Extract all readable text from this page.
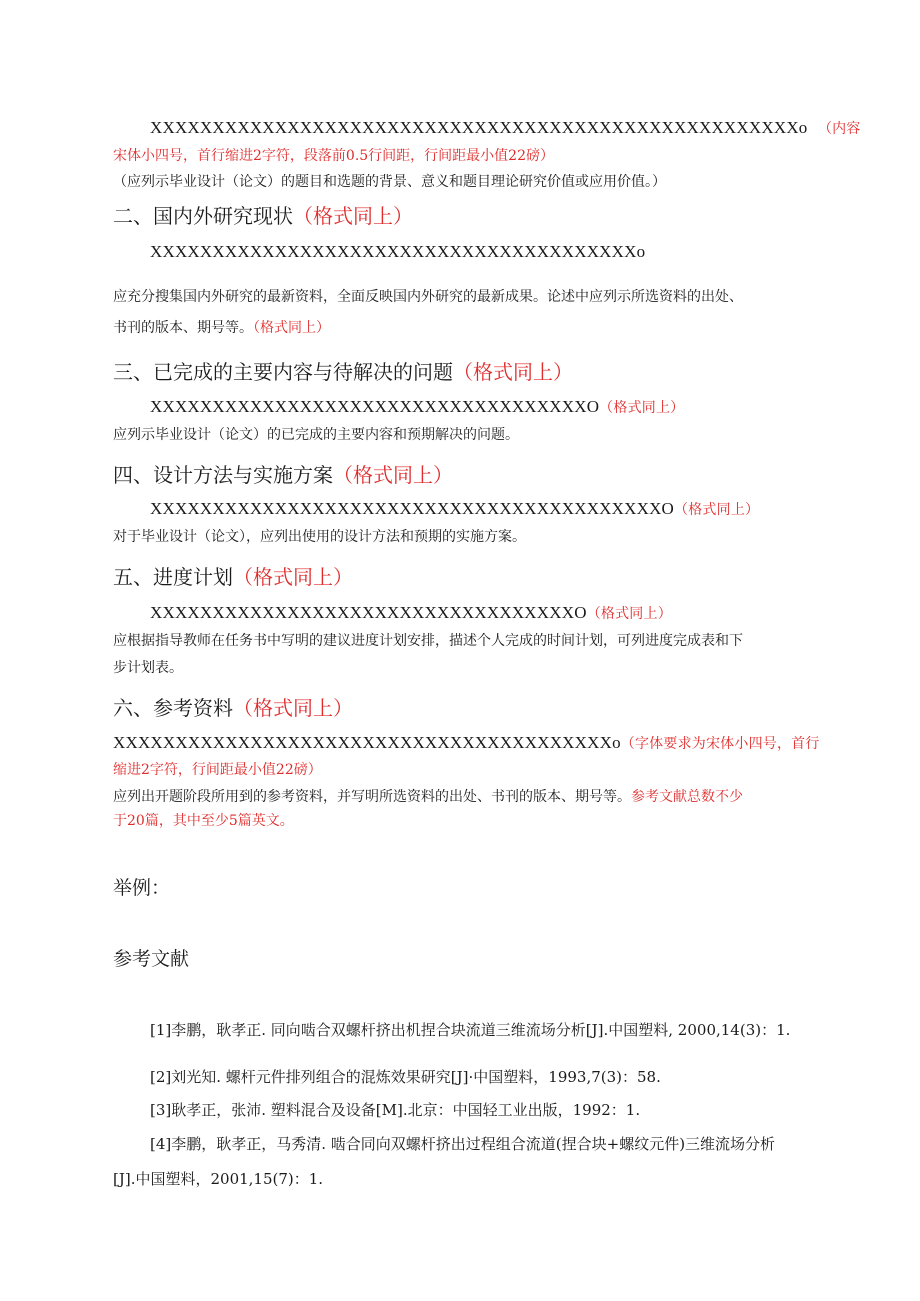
XXXXXXXXXXXXXXXXXXXXXXXXXXXXXXXXXXXXXXXXXXXXXXXXXXXXo （内容
宋体小四号，首行缩进2字符，段落前0.5行间距，行间距最小值22磅）
（应列示毕业设计（论文）的题目和选题的背景、意义和题目理论研究价值或应用价值。）
二、国内外研究现状（格式同上）
XXXXXXXXXXXXXXXXXXXXXXXXXXXXXXXXXXXXXXXo
应充分搜集国内外研究的最新资料，全面反映国内外研究的最新成果。论述中应列示所选资料的出处、
书刊的版本、期号等。（格式同上）
三、已完成的主要内容与待解决的问题（格式同上）
XXXXXXXXXXXXXXXXXXXXXXXXXXXXXXXXXXXO（格式同上）
应列示毕业设计（论文）的已完成的主要内容和预期解决的问题。
四、设计方法与实施方案（格式同上）
XXXXXXXXXXXXXXXXXXXXXXXXXXXXXXXXXXXXXXXXXO（格式同上）
对于毕业设计（论文），应列出使用的设计方法和预期的实施方案。
五、进度计划（格式同上）
XXXXXXXXXXXXXXXXXXXXXXXXXXXXXXXXXXO（格式同上）
应根据指导教师在任务书中写明的建议进度计划安排，描述个人完成的时间计划，可列进度完成表和下
步计划表。
六、参考资料（格式同上）
XXXXXXXXXXXXXXXXXXXXXXXXXXXXXXXXXXXXXXXXo（字体要求为宋体小四号，首行
缩进2字符，行间距最小值22磅）
应列出开题阶段所用到的参考资料，并写明所选资料的出处、书刊的版本、期号等。参考文献总数不少
于20篇，其中至少5篇英文。
举例：
参考文献
[1]李鹏，耿孝正. 同向啮合双螺杆挤出机捏合块流道三维流场分析[J].中国塑料, 2000,14(3)：1.
[2]刘光知. 螺杆元件排列组合的混炼效果研究[J]·中国塑料，1993,7(3)：58.
[3]耿孝正，张沛. 塑料混合及设备[M].北京：中国轻工业出版，1992：1.
[4]李鹏，耿孝正，马秀清. 啮合同向双螺杆挤出过程组合流道(捏合块+螺纹元件)三维流场分析
[J].中国塑料，2001,15(7)：1.
